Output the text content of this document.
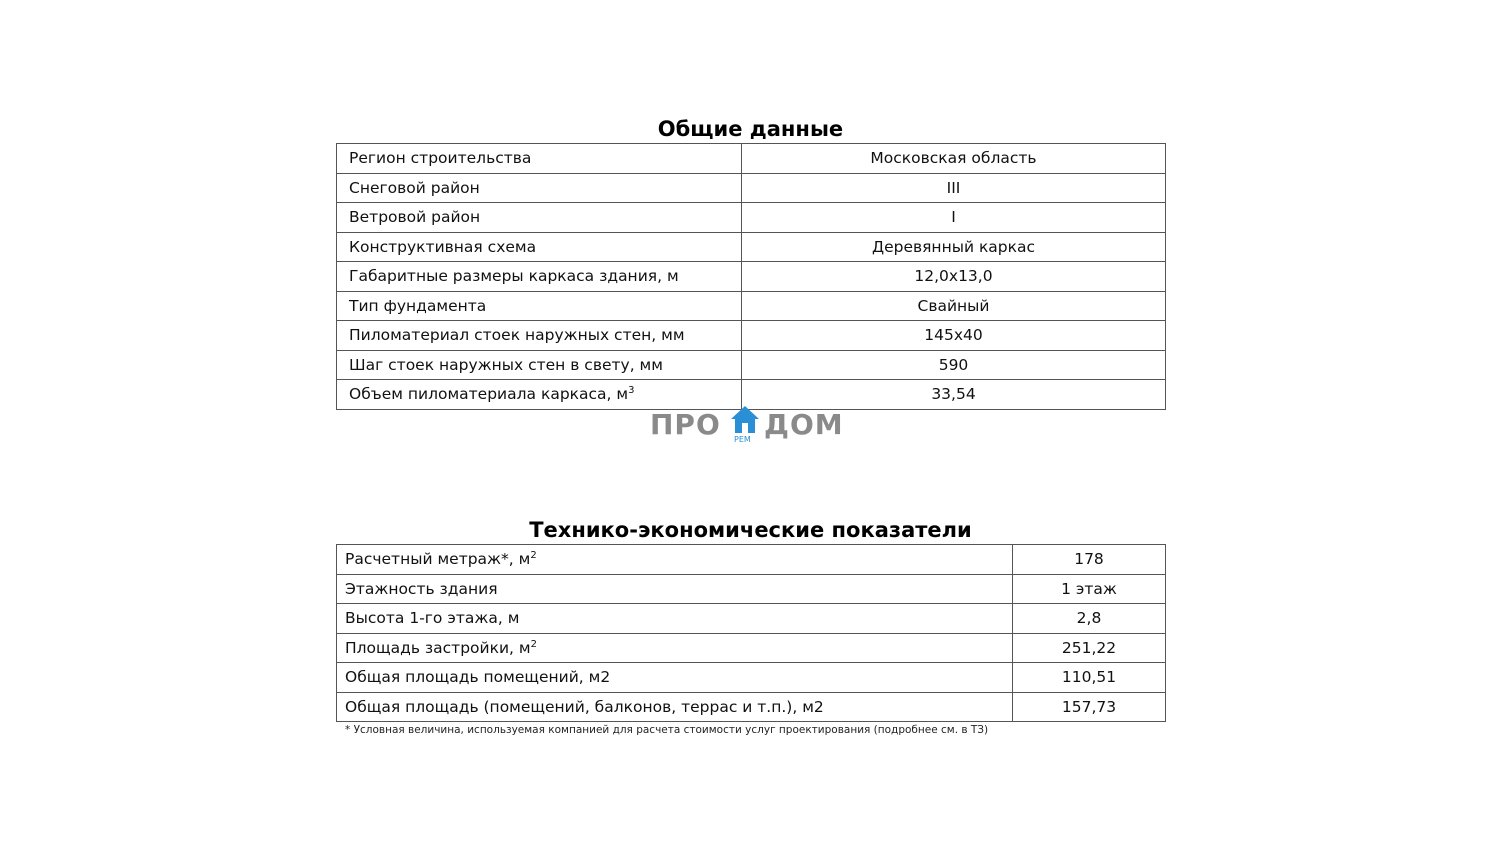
Общие данные
Регион строительства	Московская область
Снеговой район	III
Ветровой район	I
Конструктивная схема	Деревянный каркас
Габаритные размеры каркаса здания, м	12,0х13,0
Тип фундамента	Свайный
Пиломатериал стоек наружных стен, мм	145х40
Шаг стоек наружных стен в свету, мм	590
Объем пиломатериала каркаса, $м^3$	33,54
ПРО РЕМ ДОМ
Технико-экономические показатели
Расчетный метраж*, $м^2$	178
Этажность здания	1 этаж
Высота 1-го этажа, м	2,8
Площадь застройки, $м^2$	251,22
Общая площадь помещений, м2	110,51
Общая площадь (помещений, балконов, террас и т.п.), м2	157,73
* Условная величина, используемая компанией для расчета стоимости услуг проектирования (подробнее см. в ТЗ)
